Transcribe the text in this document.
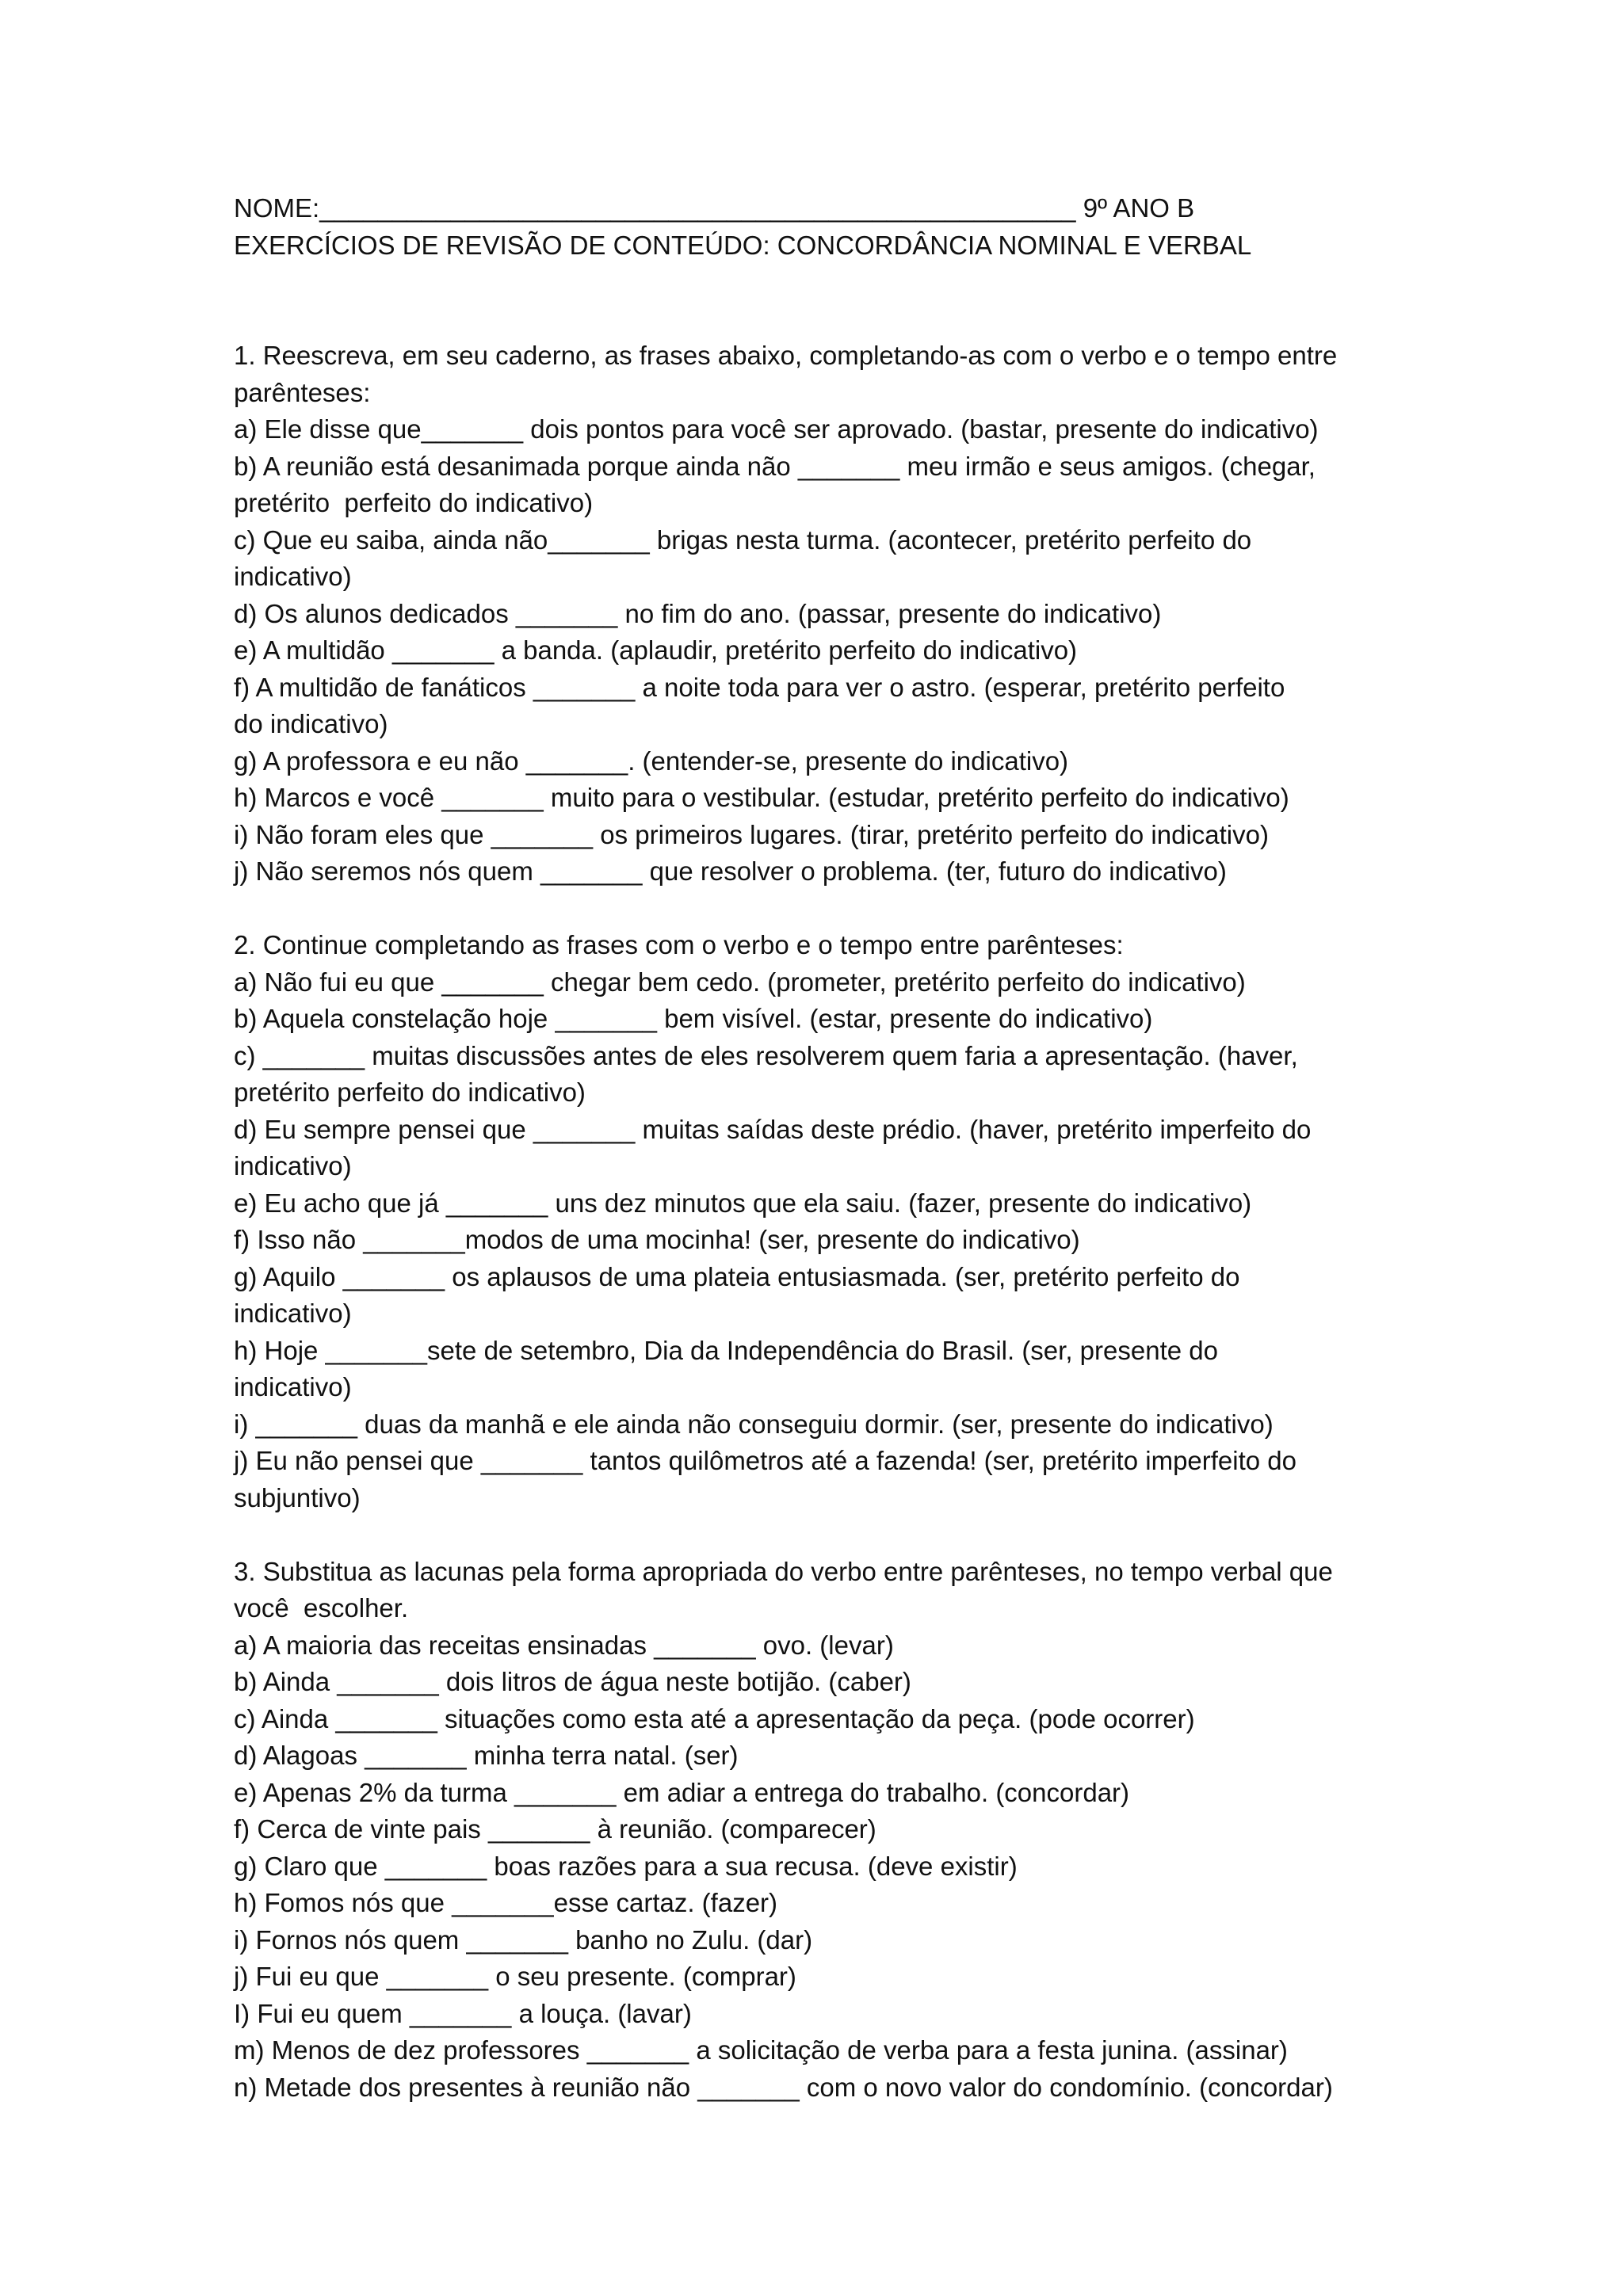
NOME:____________________________________________________ 9º ANO B

EXERCÍCIOS DE REVISÃO DE CONTEÚDO: CONCORDÂNCIA NOMINAL E VERBAL

1. Reescreva, em seu caderno, as frases abaixo, completando-as com o verbo e o tempo entre

parênteses:

a) Ele disse que_______ dois pontos para você ser aprovado. (bastar, presente do indicativo)

b) A reunião está desanimada porque ainda não _______ meu irmão e seus amigos. (chegar,

pretérito  perfeito do indicativo)

c) Que eu saiba, ainda não_______ brigas nesta turma. (acontecer, pretérito perfeito do

indicativo)

d) Os alunos dedicados _______ no fim do ano. (passar, presente do indicativo)

e) A multidão _______ a banda. (aplaudir, pretérito perfeito do indicativo)

f) A multidão de fanáticos _______ a noite toda para ver o astro. (esperar, pretérito perfeito

do indicativo)

g) A professora e eu não _______. (entender-se, presente do indicativo)

h) Marcos e você _______ muito para o vestibular. (estudar, pretérito perfeito do indicativo)

i) Não foram eles que _______ os primeiros lugares. (tirar, pretérito perfeito do indicativo)

j) Não seremos nós quem _______ que resolver o problema. (ter, futuro do indicativo)

2. Continue completando as frases com o verbo e o tempo entre parênteses:

a) Não fui eu que _______ chegar bem cedo. (prometer, pretérito perfeito do indicativo)

b) Aquela constelação hoje _______ bem visível. (estar, presente do indicativo)

c) _______ muitas discussões antes de eles resolverem quem faria a apresentação. (haver,

pretérito perfeito do indicativo)

d) Eu sempre pensei que _______ muitas saídas deste prédio. (haver, pretérito imperfeito do

indicativo)

e) Eu acho que já _______ uns dez minutos que ela saiu. (fazer, presente do indicativo)

f) Isso não _______modos de uma mocinha! (ser, presente do indicativo)

g) Aquilo _______ os aplausos de uma plateia entusiasmada. (ser, pretérito perfeito do

indicativo)

h) Hoje _______sete de setembro, Dia da Independência do Brasil. (ser, presente do

indicativo)

i) _______ duas da manhã e ele ainda não conseguiu dormir. (ser, presente do indicativo)

j) Eu não pensei que _______ tantos quilômetros até a fazenda! (ser, pretérito imperfeito do

subjuntivo)

3. Substitua as lacunas pela forma apropriada do verbo entre parênteses, no tempo verbal que

você  escolher.

a) A maioria das receitas ensinadas _______ ovo. (levar)

b) Ainda _______ dois litros de água neste botijão. (caber)

c) Ainda _______ situações como esta até a apresentação da peça. (pode ocorrer)

d) Alagoas _______ minha terra natal. (ser)

e) Apenas 2% da turma _______ em adiar a entrega do trabalho. (concordar)

f) Cerca de vinte pais _______ à reunião. (comparecer)

g) Claro que _______ boas razões para a sua recusa. (deve existir)

h) Fomos nós que _______esse cartaz. (fazer)

i) Fornos nós quem _______ banho no Zulu. (dar)

j) Fui eu que _______ o seu presente. (comprar)

I) Fui eu quem _______ a louça. (lavar)

m) Menos de dez professores _______ a solicitação de verba para a festa junina. (assinar)

n) Metade dos presentes à reunião não _______ com o novo valor do condomínio. (concordar)
